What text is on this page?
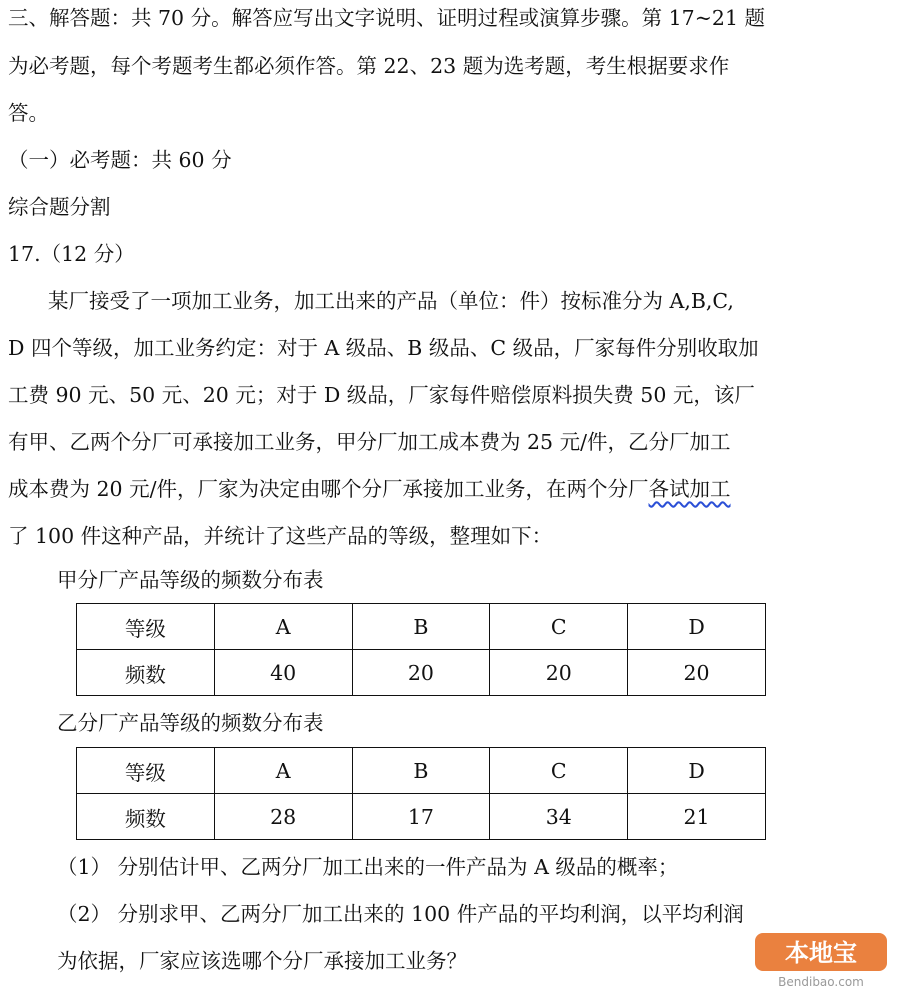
三、解答题：共 70 分。解答应写出文字说明、证明过程或演算步骤。第 17~21 题
为必考题，每个考题考生都必须作答。第 22、23 题为选考题，考生根据要求作
答。
（一）必考题：共 60 分
综合题分割
17.（12 分）
某厂接受了一项加工业务，加工出来的产品（单位：件）按标准分为 A,B,C,
D 四个等级，加工业务约定：对于 A 级品、B 级品、C 级品，厂家每件分别收取加
工费 90 元、50 元、20 元；对于 D 级品，厂家每件赔偿原料损失费 50 元，该厂
有甲、乙两个分厂可承接加工业务，甲分厂加工成本费为 25 元/件，乙分厂加工
成本费为 20 元/件，厂家为决定由哪个分厂承接加工业务，在两个分厂各试加工
了 100 件这种产品，并统计了这些产品的等级，整理如下：
甲分厂产品等级的频数分布表
等级	A	B	C	D
频数	40	20	20	20
乙分厂产品等级的频数分布表
等级	A	B	C	D
频数	28	17	34	21
（1） 分别估计甲、乙两分厂加工出来的一件产品为 A 级品的概率；
（2） 分别求甲、乙两分厂加工出来的 100 件产品的平均利润，以平均利润
为依据，厂家应该选哪个分厂承接加工业务？	本地宝
Bendibao.com
